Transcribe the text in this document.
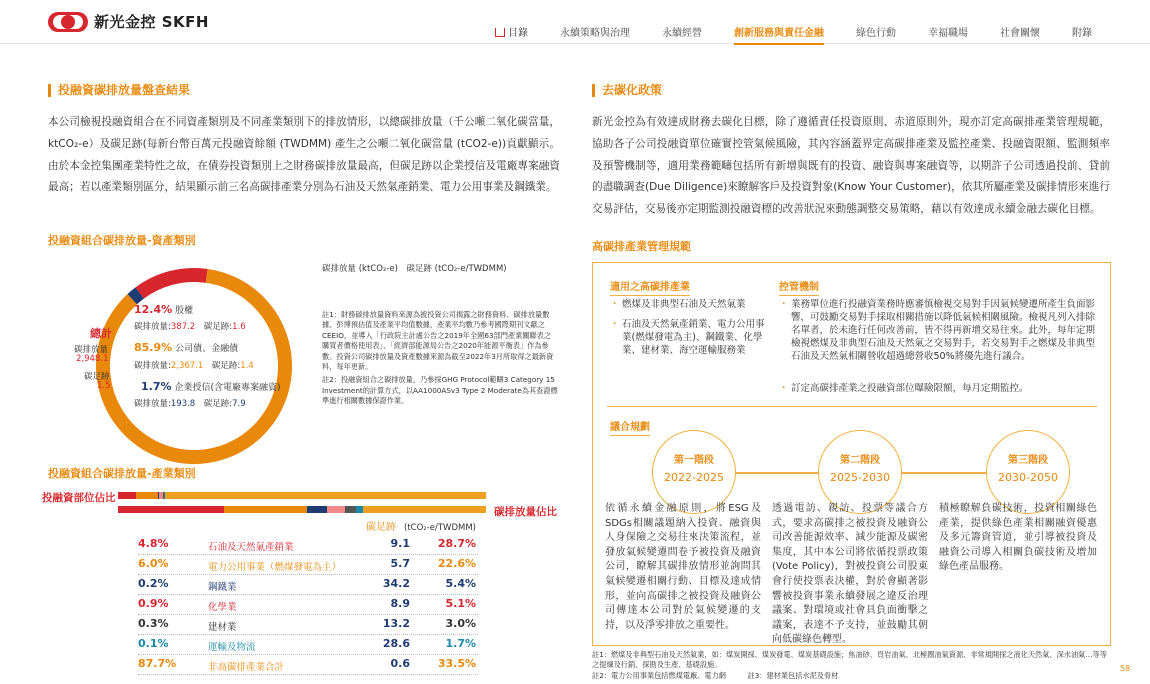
新光金控 SKFH
目錄	永續策略與治理	永續經營	創新服務與責任金融	綠色行動	幸福職場	社會關懷	附錄
投融資碳排放量盤查結果
本公司檢視投融資組合在不同資產類別及不同產業類別下的排放情形，以總碳排放量（千公噸二氧化碳當量，ktCO₂-e）及碳足跡(每新台幣百萬元投融資餘額 (TWDMM) 產生之公噸二氧化碳當量 (tCO2-e))貢獻顯示。由於本金控集團產業特性之故，在債券投資類別上之財務碳排放量最高，但碳足跡以企業授信及電廠專案融資最高；若以產業類別區分，結果顯示前三名高碳排產業分別為石油及天然氣產銷業、電力公用事業及鋼鐵業。
投融資組合碳排放量-資產類別
總計
碳排放量
2,948.1
碳足跡
1.5
12.4% 股權
碳排放量:387.2　 碳足跡:1.6
85.9% 公司債、金融債
碳排放量:2,367.1　 碳足跡:1.4
1.7% 企業授信(含電廠專案融資)
碳排放量:193.8　 碳足跡:7.9
碳排放量 (ktCO₂-e)　碳足跡 (tCO₂-e/TWDMM)

註1：財務碳排放量資料來源為被投資公司揭露之財務資料、碳排放量數據、彭博預估值及產業平均值數據，產業平均數乃參考國際期刊文獻之CEEIO，並導入「行政院主計處公告之2019年全國63部門產業關聯表之購買者價格使用表」、「經濟部能源局公告之2020年能源平衡表」作為參數。投資公司碳排放量及資產數據來源為截至2022年3月所取得之最新資料，每年更新。

註2：投融資組合之碳排放量，乃參採GHG Protocol範疇3 Category 15 Investment的計算方式，以AA1000ASv3 Type 2 Moderate為其查證標準進行相關數據保證作業。

投融資組合碳排放量-產業類別
投融資部位佔比
碳排放量佔比
碳足跡 (tCO₂-e/TWDMM)
4.8%	石油及天然氣產銷業	9.1	28.7%
6.0%	電力公用事業（燃煤發電為主）	5.7	22.6%
0.2%	鋼鐵業	34.2	5.4%
0.9%	化學業	8.9	5.1%
0.3%	建材業	13.2	3.0%
0.1%	運輸及物流	28.6	1.7%
87.7%	非高碳排產業合計	0.6	33.5%
去碳化政策
新光金控為有效達成財務去碳化目標，除了遵循責任投資原則、赤道原則外，現亦訂定高碳排產業管理規範，協助各子公司投融資單位確實控管氣候風險，其內容涵蓋界定高碳排產業及監控產業、投融資限額、監測頻率及預警機制等，適用業務範疇包括所有新增與既有的投資、融資與專案融資等，以期許子公司透過投前、貸前的盡職調查(Due Diligence)來瞭解客戶及投資對象(Know Your Customer)，依其所屬產業及碳排情形來進行交易評估，交易後亦定期監測投融資標的改善狀況來動態調整交易策略，藉以有效達成永續金融去碳化目標。
高碳排產業管理規範
適用之高碳排產業
・ 燃煤及非典型石油及天然氣業
・ 石油及天然氣產銷業、電力公用事業(燃煤發電為主)、鋼鐵業、化學業、建材業、海空運輸服務業
控管機制
・ 業務單位進行投融資業務時應審慎檢視交易對手因氣候變遷所產生負面影響，可鼓勵交易對手採取相關措施以降低氣候相關風險。檢視凡列入排除名單者，於未進行任何改善前，皆不得再新增交易往來。此外，每年定期檢視燃煤及非典型石油及天然氣之交易對手，若交易對手之燃煤及非典型石油及天然氣相關營收超過總營收50%將優先進行議合。
・ 訂定高碳排產業之投融資部位曝險限額，每月定期監控。
議合規劃
第一階段
2022-2025
第二階段
2025-2030
第三階段
2030-2050
依循永續金融原則，將ESG及SDGs相關議題納入投資、融資與人身保險之交易往來決策流程，並發放氣候變遷問卷予被投資及融資公司，瞭解其碳排放情形並詢問其氣候變遷相關行動、目標及達成情形，並向高碳排之被投資及融資公司傳達本公司對於氣候變遷的支持，以及淨零排放之重要性。
透過電訪、親訪、投票等議合方式，要求高碳排之被投資及融資公司改善能源效率、減少能源及碳密集度，其中本公司將依循投票政策(Vote Policy)，對被投資公司股東會行使投票表決權，對於會顯著影響被投資事業永續發展之違反治理議案、對環境或社會具負面衝擊之議案，表達不予支持，並鼓勵其朝向低碳綠色轉型。
積極瞭解負碳技術，投資相關綠色產業，提供綠色產業相關融資優惠及多元籌資管道，並引導被投資及融資公司導入相關負碳技術及增加綠色產品服務。
註1：燃煤及非典型石油及天然氣業，如：煤炭開採、煤炭發電、煤炭基礎設施；焦油砂、頁岩油氣、北極圈油氣資源、非常規開採之液化天然氣、深水油氣…等等之提煉及行銷、探勘及生產、基礎設施。
註2：電力公用事業包括燃煤電廠、電力網　　　註3：建材業包括水泥及骨材
58
